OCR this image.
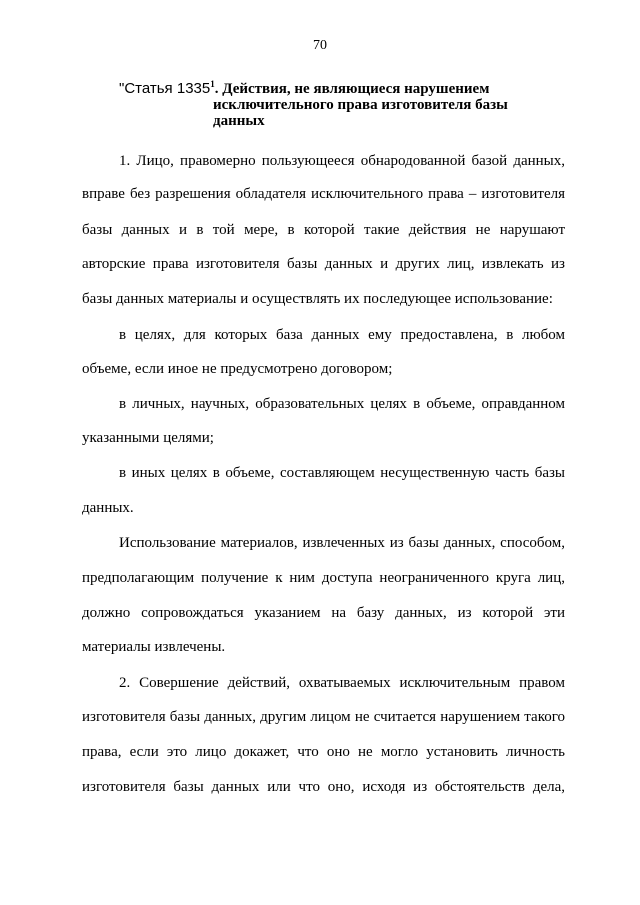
70
"Статья 1335$^1$. Действия, не являющиеся нарушением
исключительного права изготовителя базы
данных
1. Лицо, правомерно пользующееся обнародованной базой данных,
вправе без разрешения обладателя исключительного права – изготовителя
базы данных и в той мере, в которой такие действия не нарушают
авторские права изготовителя базы данных и других лиц, извлекать из
базы данных материалы и осуществлять их последующее использование:
в целях, для которых база данных ему предоставлена, в любом
объеме, если иное не предусмотрено договором;
в личных, научных, образовательных целях в объеме, оправданном
указанными целями;
в иных целях в объеме, составляющем несущественную часть базы
данных.
Использование материалов, извлеченных из базы данных, способом,
предполагающим получение к ним доступа неограниченного круга лиц,
должно сопровождаться указанием на базу данных, из которой эти
материалы извлечены.
2. Совершение действий, охватываемых исключительным правом
изготовителя базы данных, другим лицом не считается нарушением такого
права, если это лицо докажет, что оно не могло установить личность
изготовителя базы данных или что оно, исходя из обстоятельств дела,
